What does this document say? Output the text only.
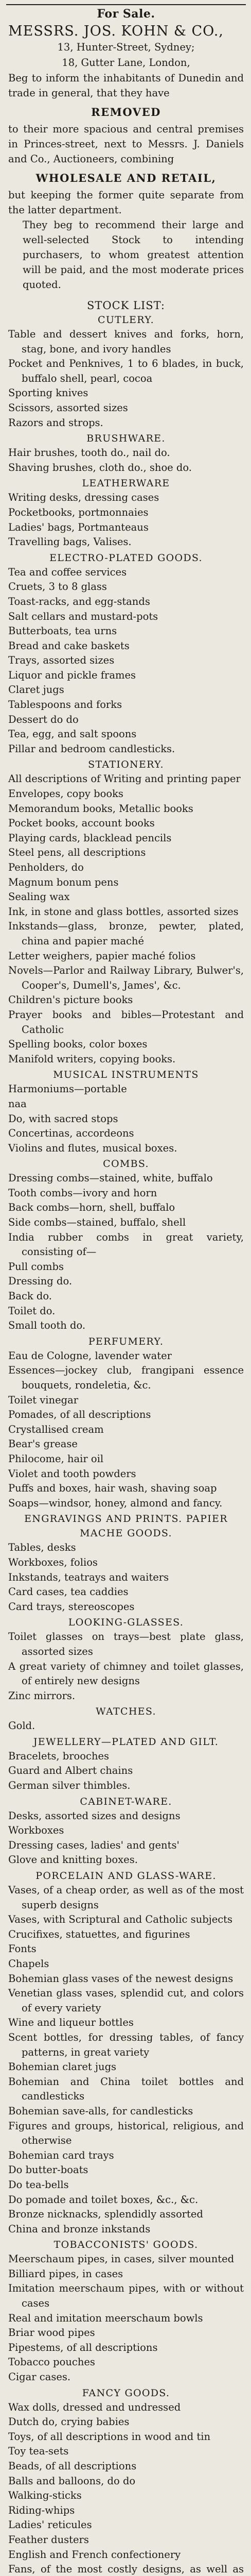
For Sale.

MESSRS. JOS. KOHN & CO.,

13, Hunter-Street, Sydney;
18, Gutter Lane, London,

Beg to inform the inhabitants of Dunedin and trade in general, that they have

REMOVED

to their more spacious and central premises in Princes-street, next to Messrs. J. Daniels and Co., Auctioneers, combining

WHOLESALE AND RETAIL,

but keeping the former quite separate from the latter department.

They beg to recommend their large and well-selected Stock to intending purchasers, to whom greatest attention will be paid, and the most moderate prices quoted.

STOCK LIST:
CUTLERY.

Table and dessert knives and forks, horn, stag, bone, and ivory handles

Pocket and Penknives, 1 to 6 blades, in buck, buffalo shell, pearl, cocoa

Sporting knives

Scissors, assorted sizes

Razors and strops.

BRUSHWARE.

Hair brushes, tooth do., nail do.

Shaving brushes, cloth do., shoe do.

LEATHERWARE

Writing desks, dressing cases

Pocketbooks, portmonnaies

Ladies' bags, Portmanteaus

Travelling bags, Valises.

ELECTRO-PLATED GOODS.

Tea and coffee services

Cruets, 3 to 8 glass

Toast-racks, and egg-stands

Salt cellars and mustard-pots

Butterboats, tea urns

Bread and cake baskets

Trays, assorted sizes

Liquor and pickle frames

Claret jugs

Tablespoons and forks

Dessert do do

Tea, egg, and salt spoons

Pillar and bedroom candlesticks.

STATIONERY.

All descriptions of Writing and printing paper

Envelopes, copy books

Memorandum books, Metallic books

Pocket books, account books

Playing cards, blacklead pencils

Steel pens, all descriptions

Penholders, do

Magnum bonum pens

Sealing wax

Ink, in stone and glass bottles, assorted sizes

Inkstands—glass, bronze, pewter, plated, china and papier maché

Letter weighers, papier maché folios

Novels—Parlor and Railway Library, Bulwer's, Cooper's, Dumell's, James', &c.

Children's picture books

Prayer books and bibles—Protestant and Catholic

Spelling books, color boxes

Manifold writers, copying books.

MUSICAL INSTRUMENTS

Harmoniums—portable

naa

Do, with sacred stops

Concertinas, accordeons

Violins and flutes, musical boxes.

COMBS.

Dressing combs—stained, white, buffalo

Tooth combs—ivory and horn

Back combs—horn, shell, buffalo

Side combs—stained, buffalo, shell

India rubber combs in great variety, consisting of—

Pull combs

Dressing do.

Back do.

Toilet do.

Small tooth do.

PERFUMERY.

Eau de Cologne, lavender water

Essences—jockey club, frangipani essence bouquets, rondeletia, &c.

Toilet vinegar

Pomades, of all descriptions

Crystallised cream

Bear's grease

Philocome, hair oil

Violet and tooth powders

Puffs and boxes, hair wash, shaving soap

Soaps—windsor, honey, almond and fancy.

ENGRAVINGS AND PRINTS. PAPIER MACHE GOODS.

Tables, desks

Workboxes, folios

Inkstands, teatrays and waiters

Card cases, tea caddies

Card trays, stereoscopes

LOOKING-GLASSES.

Toilet glasses on trays—best plate glass, assorted sizes

A great variety of chimney and toilet glasses, of entirely new designs

Zinc mirrors.

WATCHES.

Gold.

JEWELLERY—PLATED AND GILT.

Bracelets, brooches

Guard and Albert chains

German silver thimbles.

CABINET-WARE.

Desks, assorted sizes and designs

Workboxes

Dressing cases, ladies' and gents'

Glove and knitting boxes.

PORCELAIN AND GLASS-WARE.

Vases, of a cheap order, as well as of the most superb designs

Vases, with Scriptural and Catholic subjects

Crucifixes, statuettes, and figurines

Fonts

Chapels

Bohemian glass vases of the newest designs

Venetian glass vases, splendid cut, and colors of every variety

Wine and liqueur bottles

Scent bottles, for dressing tables, of fancy patterns, in great variety

Bohemian claret jugs

Bohemian and China toilet bottles and candlesticks

Bohemian save-alls, for candlesticks

Figures and groups, historical, religious, and otherwise

Bohemian card trays

Do butter-boats

Do tea-bells

Do pomade and toilet boxes, &c., &c.

Bronze nicknacks, splendidly assorted

China and bronze inkstands

TOBACCONISTS' GOODS.

Meerschaum pipes, in cases, silver mounted

Billiard pipes, in cases

Imitation meerschaum pipes, with or without cases

Real and imitation meerschaum bowls

Briar wood pipes

Pipestems, of all descriptions

Tobacco pouches

Cigar cases.

FANCY GOODS.

Wax dolls, dressed and undressed

Dutch do, crying babies

Toys, of all descriptions in wood and tin

Toy tea-sets

Beads, of all descriptions

Balls and balloons, do do

Walking-sticks

Riding-whips

Ladies' reticules

Feather dusters

English and French confectionery

Fans, of the most costly designs, as well as
